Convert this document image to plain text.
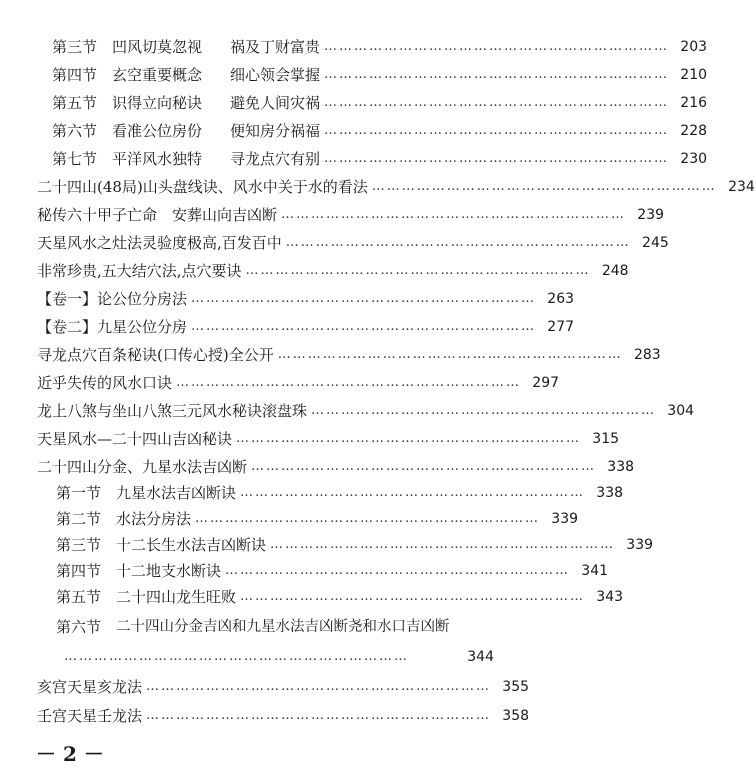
第三节 凹风切莫忽视	祸及丁财富贵 …………………………………………………………… 203
第四节 玄空重要概念	细心领会掌握 …………………………………………………………… 210
第五节 识得立向秘诀	避免人间灾祸 …………………………………………………………… 216
第六节 看准公位房份	便知房分祸福 …………………………………………………………… 228
第七节 平洋风水独特	寻龙点穴有别 …………………………………………………………… 230
二十四山(48局)山头盘线诀、风水中关于水的看法 …………………………………………………………… 234
秘传六十甲子亡命　安葬山向吉凶断 …………………………………………………………… 239
天星风水之灶法灵验度极高,百发百中 …………………………………………………………… 245
非常珍贵,五大结穴法,点穴要诀 …………………………………………………………… 248
【卷一】论公位分房法 …………………………………………………………… 263
【卷二】九星公位分房 …………………………………………………………… 277
寻龙点穴百条秘诀(口传心授)全公开 …………………………………………………………… 283
近乎失传的风水口诀 …………………………………………………………… 297
龙上八煞与坐山八煞三元风水秘诀滚盘珠 …………………………………………………………… 304
天星风水—二十四山吉凶秘诀 …………………………………………………………… 315
二十四山分金、九星水法吉凶断 …………………………………………………………… 338
第一节 九星水法吉凶断诀 …………………………………………………………… 338
第二节 水法分房法 …………………………………………………………… 339
第三节 十二长生水法吉凶断诀 …………………………………………………………… 339
第四节 十二地支水断诀 …………………………………………………………… 341
第五节 二十四山龙生旺败 …………………………………………………………… 343
第六节	二十四山分金吉凶和九星水法吉凶断尧和水口吉凶断
……………………………………………………………	344
亥宫天星亥龙法 …………………………………………………………… 355
壬宫天星壬龙法 …………………………………………………………… 358
－ 2 －
